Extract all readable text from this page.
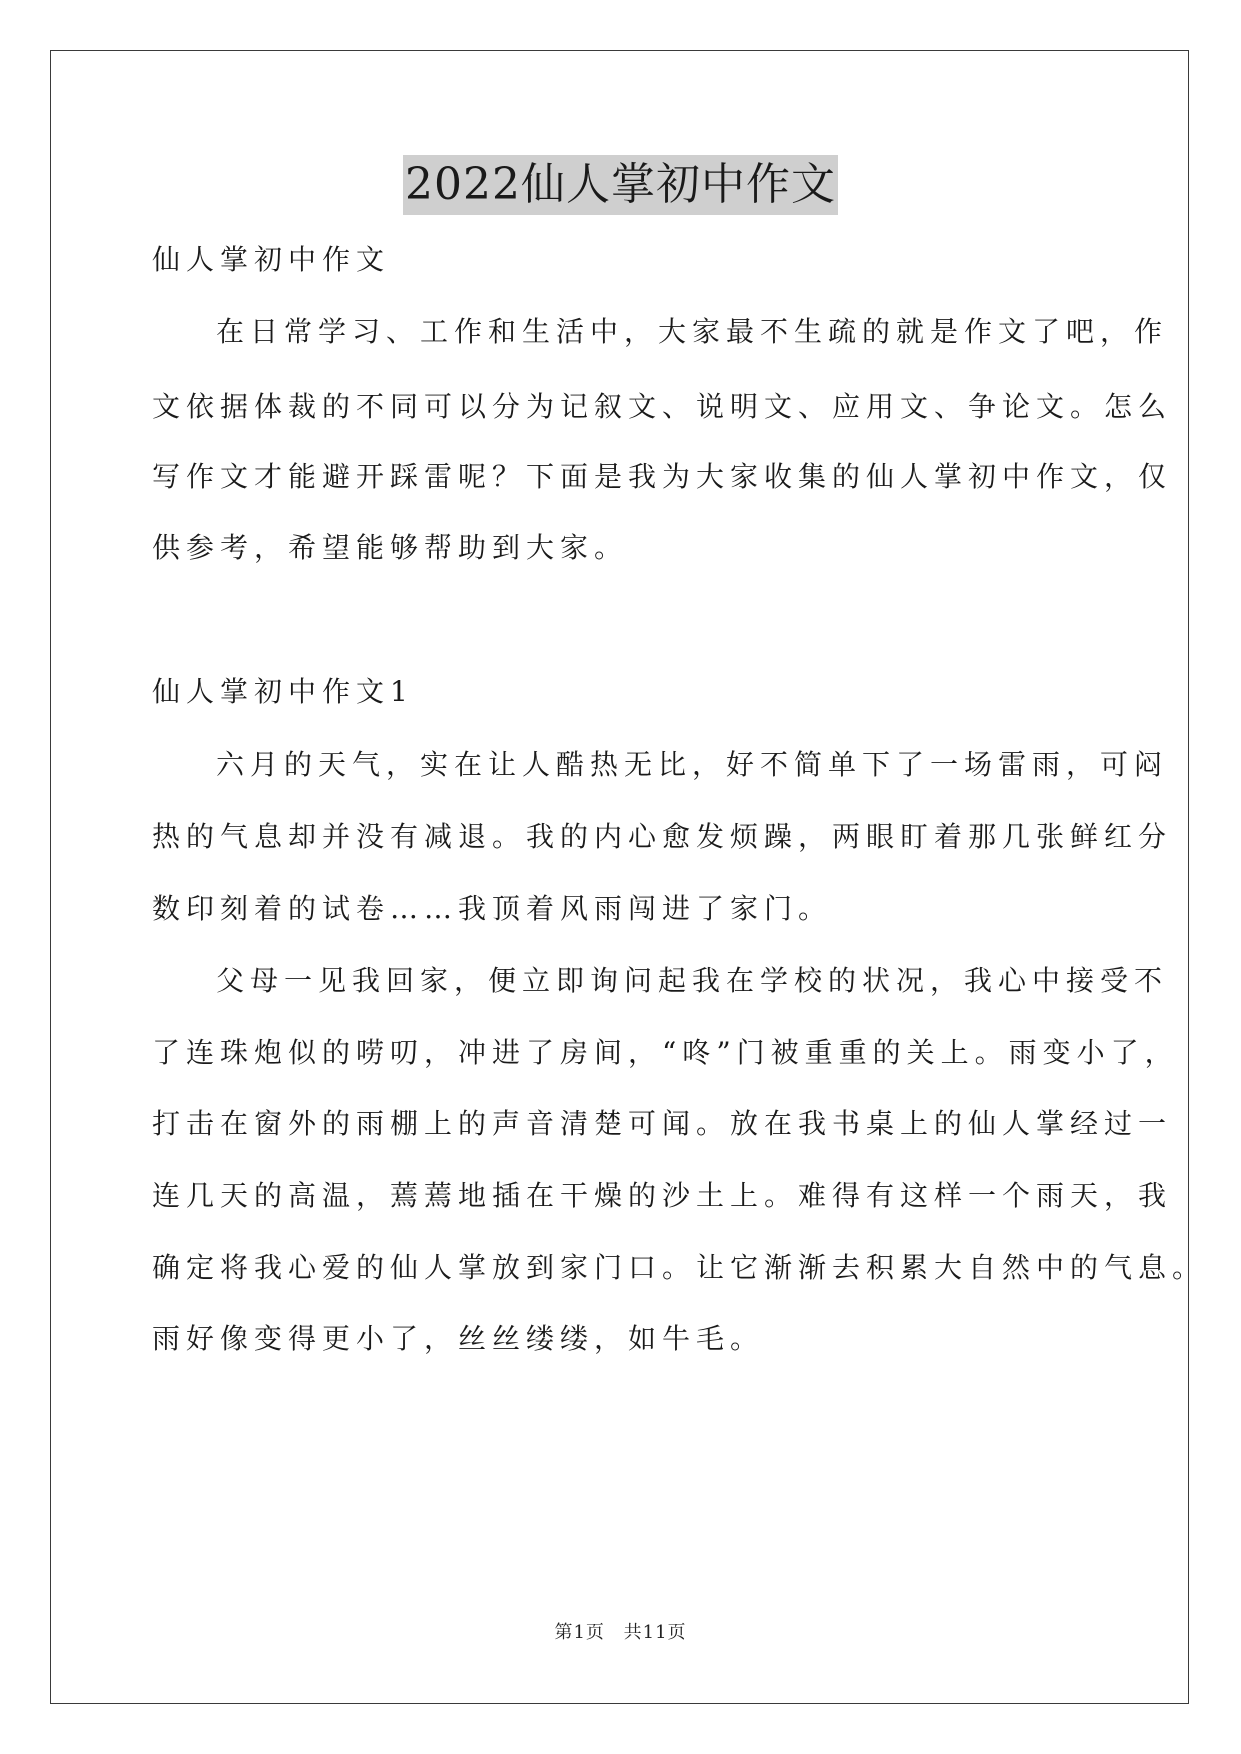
2022仙人掌初中作文
仙人掌初中作文
在日常学习、工作和生活中，大家最不生疏的就是作文了吧，作
文依据体裁的不同可以分为记叙文、说明文、应用文、争论文。怎么
写作文才能避开踩雷呢？下面是我为大家收集的仙人掌初中作文，仅
供参考，希望能够帮助到大家。
仙人掌初中作文1
六月的天气，实在让人酷热无比，好不简单下了一场雷雨，可闷
热的气息却并没有减退。我的内心愈发烦躁，两眼盯着那几张鲜红分
数印刻着的试卷……我顶着风雨闯进了家门。
父母一见我回家，便立即询问起我在学校的状况，我心中接受不
了连珠炮似的唠叨，冲进了房间，“咚”门被重重的关上。雨变小了，
打击在窗外的雨棚上的声音清楚可闻。放在我书桌上的仙人掌经过一
连几天的高温，蔫蔫地插在干燥的沙土上。难得有这样一个雨天，我
确定将我心爱的仙人掌放到家门口。让它渐渐去积累大自然中的气息。
雨好像变得更小了，丝丝缕缕，如牛毛。
第1页 共11页
